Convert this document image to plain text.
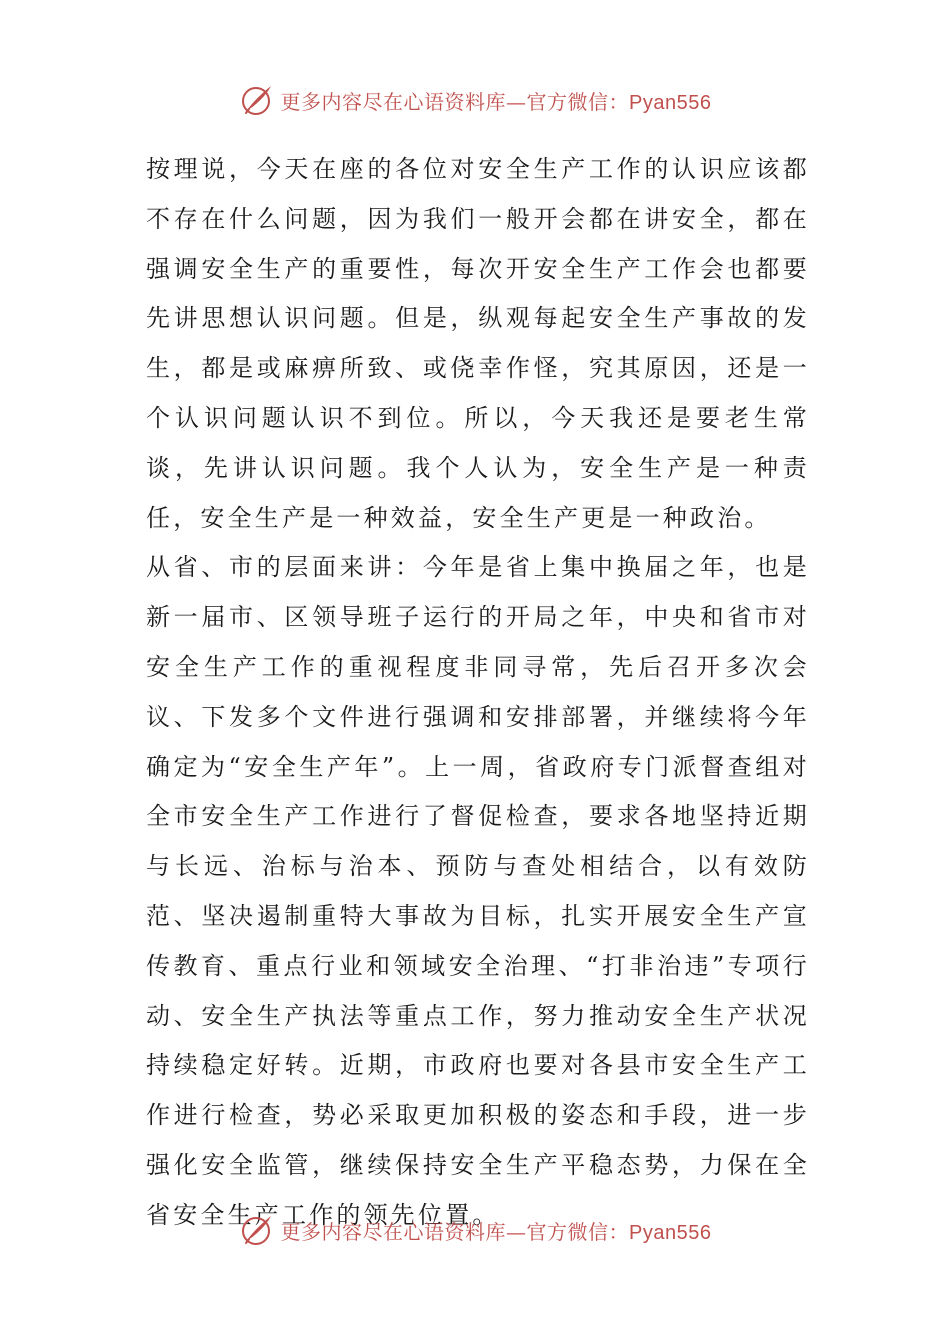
更多内容尽在心语资料库—官方微信：Pyan556

按理说，今天在座的各位对安全生产工作的认识应该都不存在什么问题，因为我们一般开会都在讲安全，都在强调安全生产的重要性，每次开安全生产工作会也都要先讲思想认识问题。但是，纵观每起安全生产事故的发生，都是或麻痹所致、或侥幸作怪，究其原因，还是一个认识问题认识不到位。所以，今天我还是要老生常谈，先讲认识问题。我个人认为，安全生产是一种责任，安全生产是一种效益，安全生产更是一种政治。

从省、市的层面来讲：今年是省上集中换届之年，也是新一届市、区领导班子运行的开局之年，中央和省市对安全生产工作的重视程度非同寻常，先后召开多次会议、下发多个文件进行强调和安排部署，并继续将今年确定为“安全生产年”。上一周，省政府专门派督查组对全市安全生产工作进行了督促检查，要求各地坚持近期与长远、治标与治本、预防与查处相结合，以有效防范、坚决遏制重特大事故为目标，扎实开展安全生产宣传教育、重点行业和领域安全治理、“打非治违”专项行动、安全生产执法等重点工作，努力推动安全生产状况持续稳定好转。近期，市政府也要对各县市安全生产工作进行检查，势必采取更加积极的姿态和手段，进一步强化安全监管，继续保持安全生产平稳态势，力保在全省安全生产工作的领先位置。

更多内容尽在心语资料库—官方微信：Pyan556
